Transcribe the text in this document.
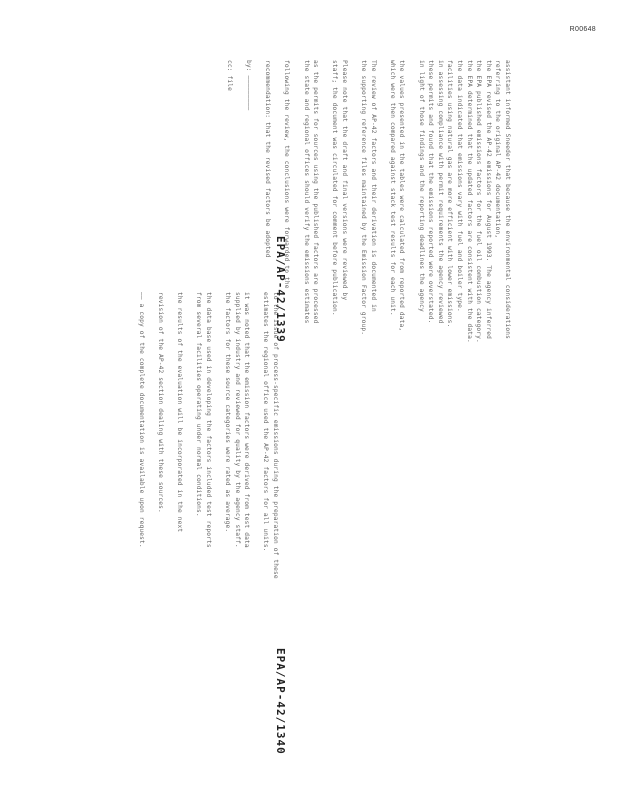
R00648
assistant informed Sneeder that because the environmental considerations
referring to the original AP-42 documentation,
the EPA revised the AP-42 emissions for August 1993. The agency inferred
the EPA published emissions factors for the fuel oil combustion category.
the EPA determined that the updated factors are consistent with the data.
the data indicated that emissions vary with fuel and boiler type.
facilities using natural gas are more efficient with lower emissions.
in assessing compliance with permit requirements the agency reviewed
these permits and found that the emissions reported were overstated.
in light of those findings and the reporting deadlines the agency

the values presented in the tables were calculated from reported data,
which were then compared against stack test results for each unit.

The review of AP-42 factors and their derivation is documented in
the supporting reference files maintained by the Emission Factor group.

Please note that the draft and final versions were reviewed by
staff; the document was circulated for comment before publication.

as the permits for sources using the published factors are processed
the state and regional offices should verify the emissions estimates

following the review, the conclusions were forwarded to the

recommendation: that the revised factors be adopted

by: —————————

cc: file
to the issue of process-specific emissions during the preparation of these
estimates the regional office used the AP-42 factors for all units.

it was noted that the emission factors were derived from test data
supplied by industry and reviewed for quality by the agency staff.
the factors for these source categories were rated as average.

the data base used in developing the factors included test reports
from several facilities operating under normal conditions.

the results of the evaluation will be incorporated in the next

revision of the AP-42 section dealing with these sources.

—— a copy of the complete documentation is available upon request.
EPA/AP-42/1339
EPA/AP-42/1340
